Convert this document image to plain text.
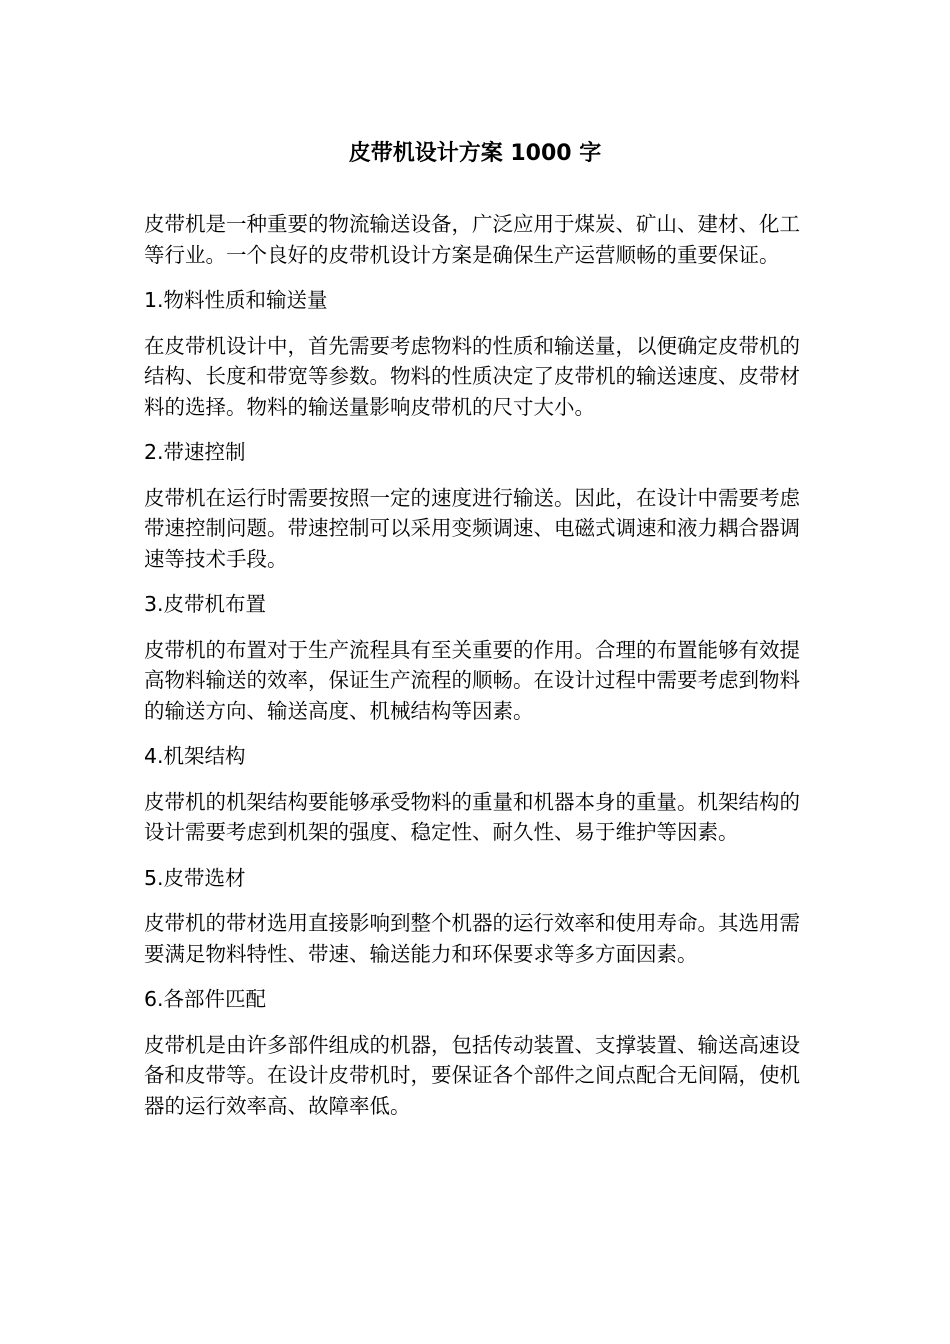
皮带机设计方案 1000 字

皮带机是一种重要的物流输送设备，广泛应用于煤炭、矿山、建材、化工等行业。一个良好的皮带机设计方案是确保生产运营顺畅的重要保证。

1.物料性质和输送量

在皮带机设计中，首先需要考虑物料的性质和输送量，以便确定皮带机的结构、长度和带宽等参数。物料的性质决定了皮带机的输送速度、皮带材料的选择。物料的输送量影响皮带机的尺寸大小。

2.带速控制

皮带机在运行时需要按照一定的速度进行输送。因此，在设计中需要考虑带速控制问题。带速控制可以采用变频调速、电磁式调速和液力耦合器调速等技术手段。

3.皮带机布置

皮带机的布置对于生产流程具有至关重要的作用。合理的布置能够有效提高物料输送的效率，保证生产流程的顺畅。在设计过程中需要考虑到物料的输送方向、输送高度、机械结构等因素。

4.机架结构

皮带机的机架结构要能够承受物料的重量和机器本身的重量。机架结构的设计需要考虑到机架的强度、稳定性、耐久性、易于维护等因素。

5.皮带选材

皮带机的带材选用直接影响到整个机器的运行效率和使用寿命。其选用需要满足物料特性、带速、输送能力和环保要求等多方面因素。

6.各部件匹配

皮带机是由许多部件组成的机器，包括传动装置、支撑装置、输送高速设备和皮带等。在设计皮带机时，要保证各个部件之间点配合无间隔，使机器的运行效率高、故障率低。
